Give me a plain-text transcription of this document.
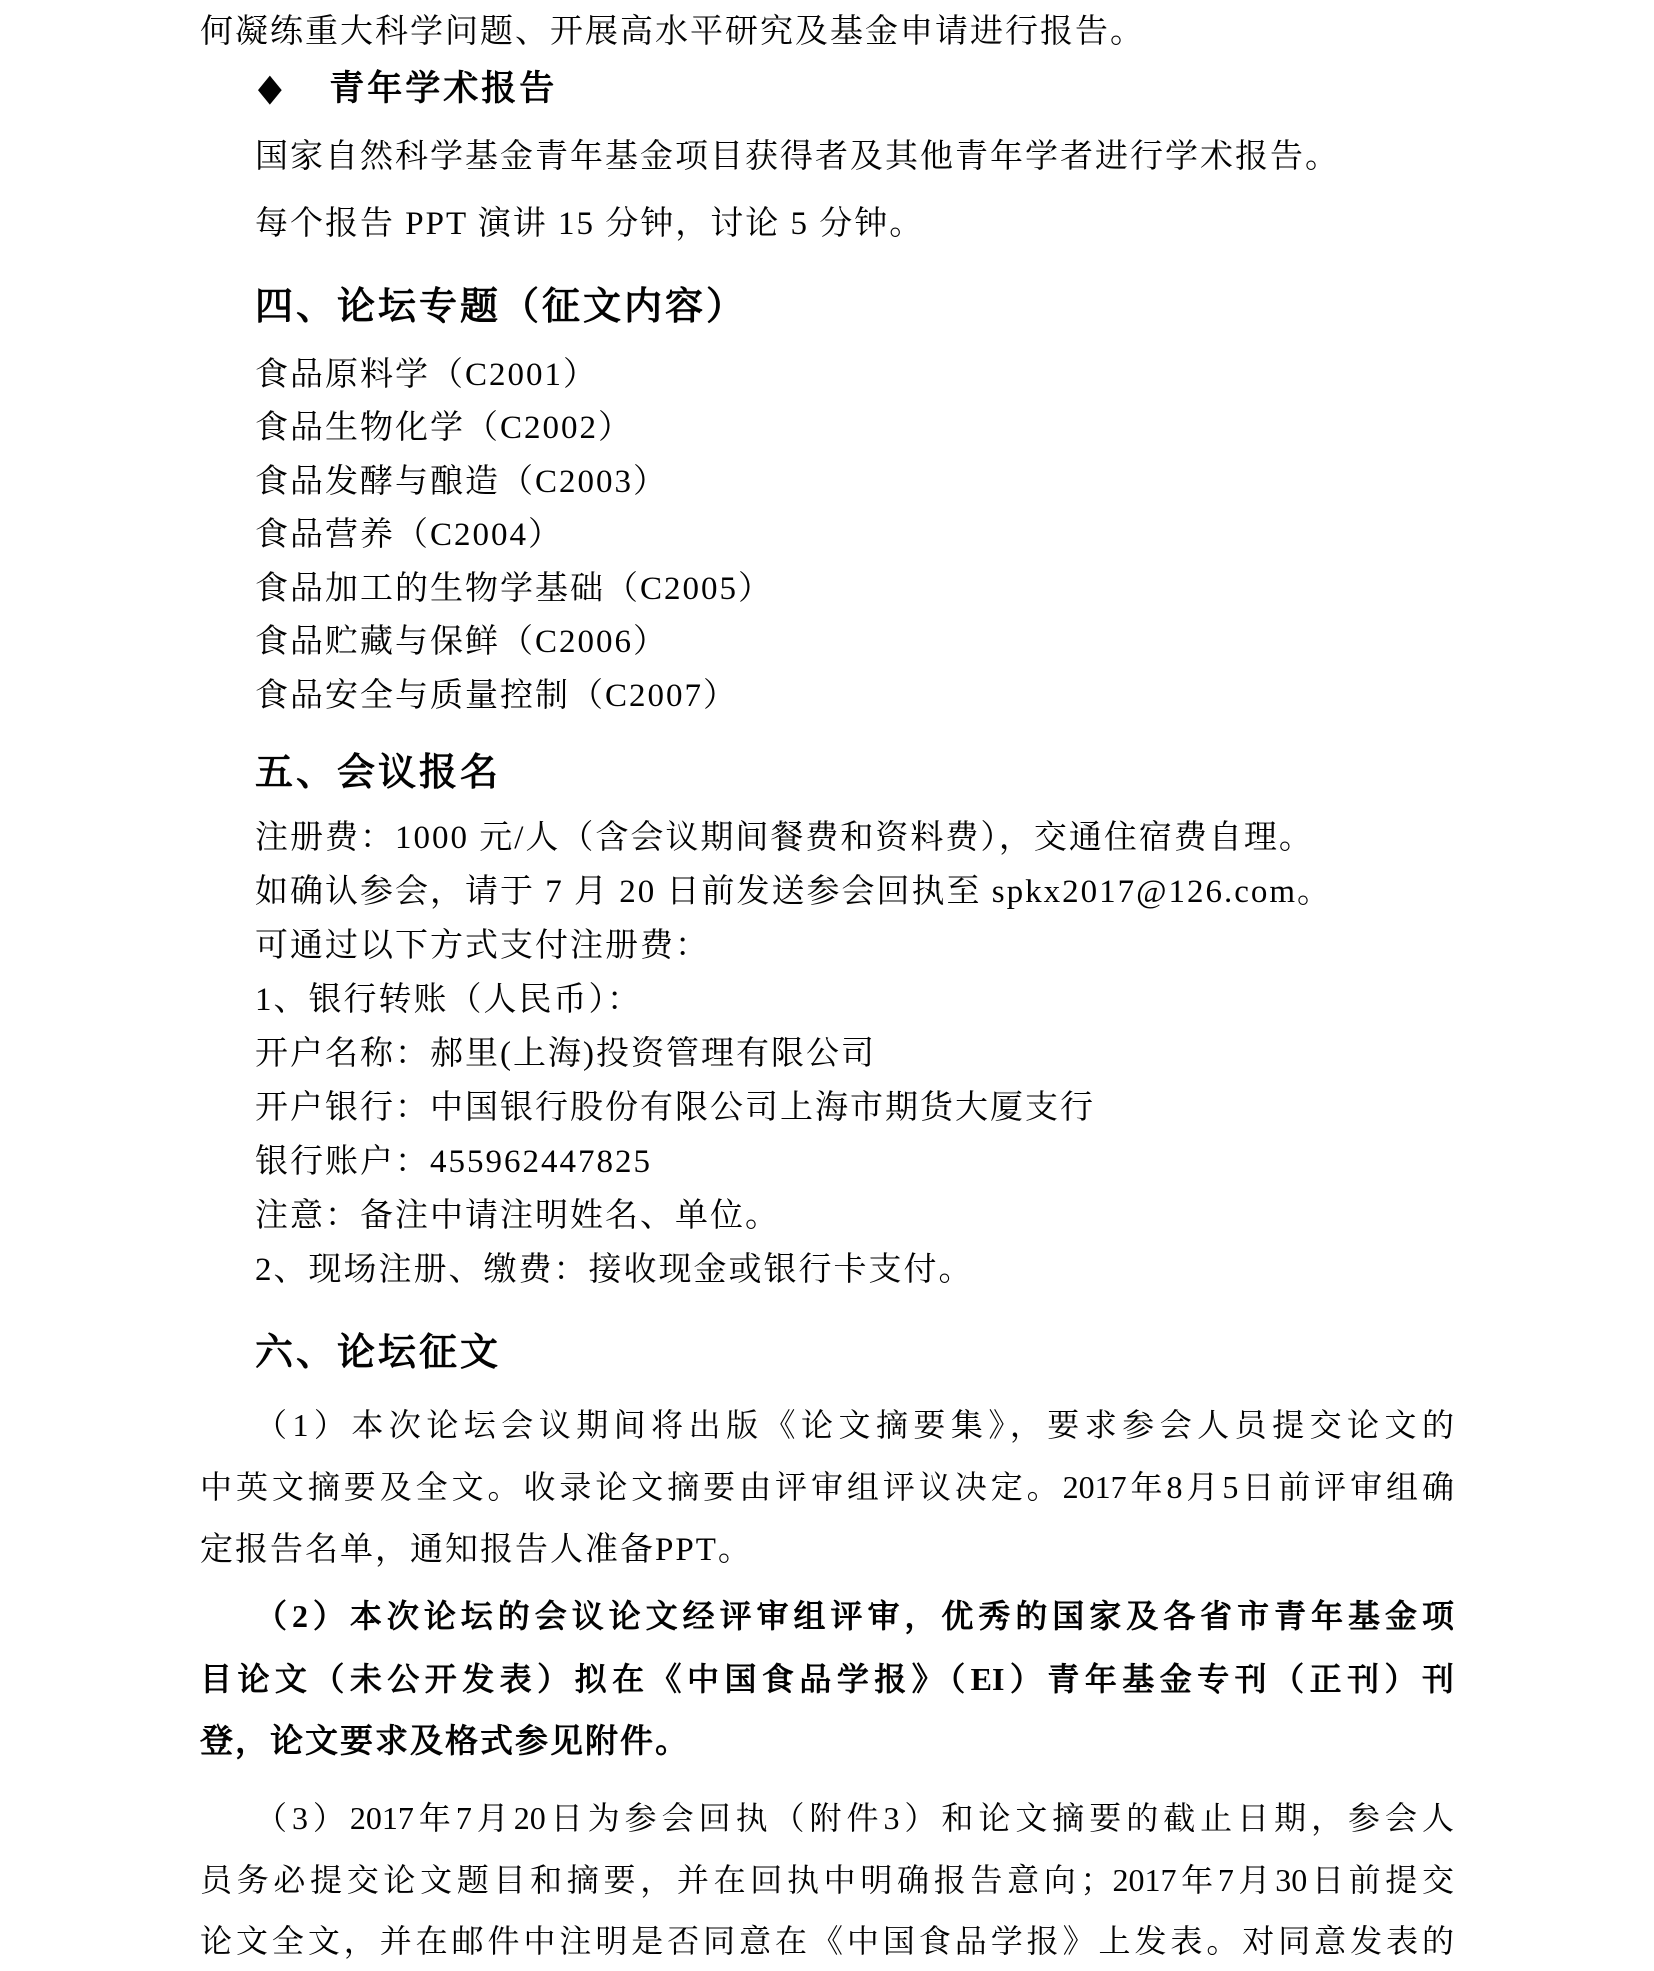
何凝练重大科学问题、开展高水平研究及基金申请进行报告。
◆ 青年学术报告
国家自然科学基金青年基金项目获得者及其他青年学者进行学术报告。
每个报告 PPT 演讲 15 分钟，讨论 5 分钟。
四、论坛专题（征文内容）
食品原料学（C2001）
食品生物化学（C2002）
食品发酵与酿造（C2003）
食品营养（C2004）
食品加工的生物学基础（C2005）
食品贮藏与保鲜（C2006）
食品安全与质量控制（C2007）
五、会议报名
注册费：1000 元/人（含会议期间餐费和资料费），交通住宿费自理。
如确认参会，请于 7 月 20 日前发送参会回执至 spkx2017@126.com。
可通过以下方式支付注册费：
1、银行转账（人民币）：
开户名称：郝里(上海)投资管理有限公司
开户银行：中国银行股份有限公司上海市期货大厦支行
银行账户：455962447825
注意：备注中请注明姓名、单位。
2、现场注册、缴费：接收现金或银行卡支付。
六、论坛征文
（1）本次论坛会议期间将出版《论文摘要集》，要求参会人员提交论文的
中英文摘要及全文。收录论文摘要由评审组评议决定。2017年8月5日前评审组确
定报告名单，通知报告人准备PPT。
（2）本次论坛的会议论文经评审组评审，优秀的国家及各省市青年基金项
目论文（未公开发表）拟在《中国食品学报》（EI）青年基金专刊（正刊）刊
登，论文要求及格式参见附件。
（3）2017年7月20日为参会回执（附件3）和论文摘要的截止日期，参会人
员务必提交论文题目和摘要，并在回执中明确报告意向；2017年7月30日前提交
论文全文，并在邮件中注明是否同意在《中国食品学报》上发表。对同意发表的
